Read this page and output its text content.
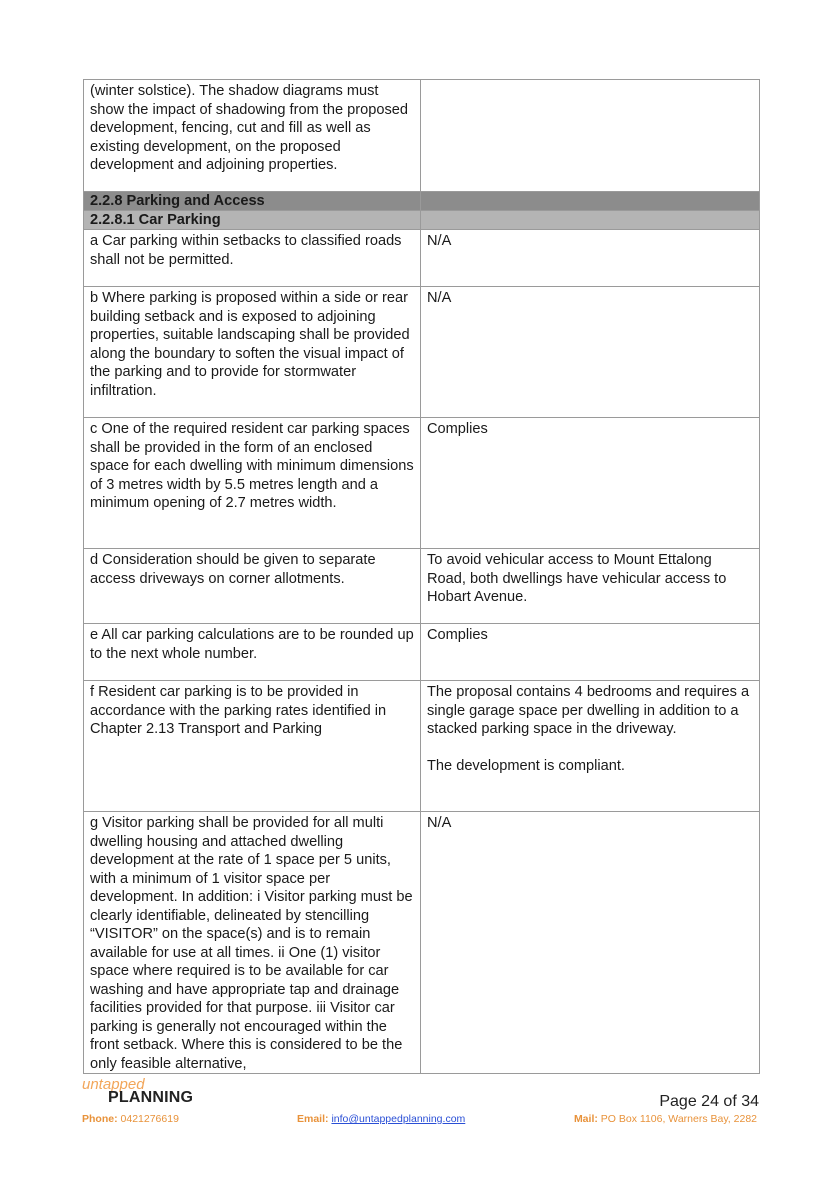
(winter solstice). The shadow diagrams must show the impact of shadowing from the proposed development, fencing, cut and fill as well as existing development, on the proposed development and adjoining properties.	

2.2.8 Parking and Access	
2.2.8.1 Car Parking	
a Car parking within setbacks to classified roads shall not be permitted.	N/A
b Where parking is proposed within a side or rear building setback and is exposed to adjoining properties, suitable landscaping shall be provided along the boundary to soften the visual impact of the parking and to provide for stormwater infiltration.	N/A
c One of the required resident car parking spaces shall be provided in the form of an enclosed space for each dwelling with minimum dimensions of 3 metres width by 5.5 metres length and a minimum opening of 2.7 metres width.	Complies
d Consideration should be given to separate access driveways on corner allotments.	To avoid vehicular access to Mount Ettalong Road, both dwellings have vehicular access to Hobart Avenue.
e All car parking calculations are to be rounded up to the next whole number.	Complies
f Resident car parking is to be provided in accordance with the parking rates identified in Chapter 2.13 Transport and Parking	The proposal contains 4 bedrooms and requires a single garage space per dwelling in addition to a stacked parking space in the driveway.

The development is compliant.

g Visitor parking shall be provided for all multi dwelling housing and attached dwelling development at the rate of 1 space per 5 units, with a minimum of 1 visitor space per development. In addition: i Visitor parking must be clearly identifiable, delineated by stencilling “VISITOR” on the space(s) and is to remain available for use at all times. ii One (1) visitor space where required is to be available for car washing and have appropriate tap and drainage facilities provided for that purpose. iii Visitor car parking is generally not encouraged within the front setback. Where this is considered to be the only feasible alternative,	N/A
untapped
PLANNING	Page 24 of 34
Phone: 0421276619	Email: info@untappedplanning.com	Mail: PO Box 1106, Warners Bay, 2282
